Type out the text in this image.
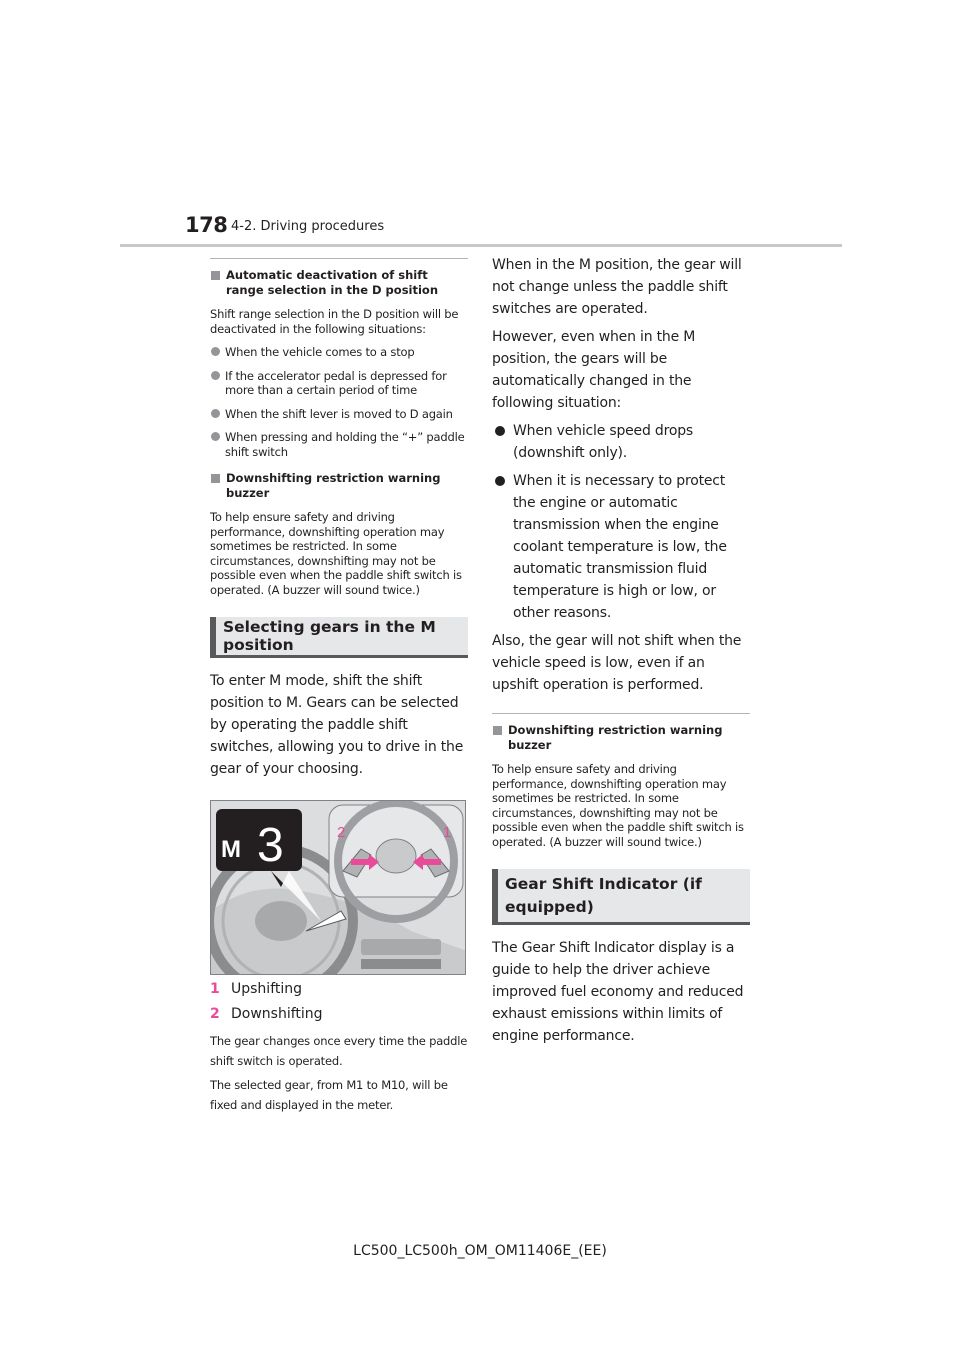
178 4-2. Driving procedures
Automatic deactivation of shift range selection in the D position

Shift range selection in the D position will be deactivated in the following situations:

When the vehicle comes to a stop
If the accelerator pedal is depressed for more than a certain period of time
When the shift lever is moved to D again
When pressing and holding the “+” paddle shift switch
Downshifting restriction warning buzzer

To help ensure safety and driving performance, downshifting operation may sometimes be restricted. In some circumstances, downshifting may not be possible even when the paddle shift switch is operated. (A buzzer will sound twice.)

Selecting gears in the M position

To enter M mode, shift the shift position to M. Gears can be selected by operating the paddle shift switches, allowing you to drive in the gear of your choosing.

M 3	2	1
1 Upshifting
2 Downshifting

The gear changes once every time the paddle shift switch is operated.

The selected gear, from M1 to M10, will be fixed and displayed in the meter.

When in the M position, the gear will not change unless the paddle shift switches are operated.

However, even when in the M position, the gears will be automatically changed in the following situation:

When vehicle speed drops (downshift only).
When it is necessary to protect the engine or automatic transmission when the engine coolant temperature is low, the automatic transmission fluid temperature is high or low, or other reasons.

Also, the gear will not shift when the vehicle speed is low, even if an upshift operation is performed.

Downshifting restriction warning buzzer

To help ensure safety and driving performance, downshifting operation may sometimes be restricted. In some circumstances, downshifting may not be possible even when the paddle shift switch is operated. (A buzzer will sound twice.)

Gear Shift Indicator (if equipped)

The Gear Shift Indicator display is a guide to help the driver achieve improved fuel economy and reduced exhaust emissions within limits of engine performance.

LC500_LC500h_OM_OM11406E_(EE)
